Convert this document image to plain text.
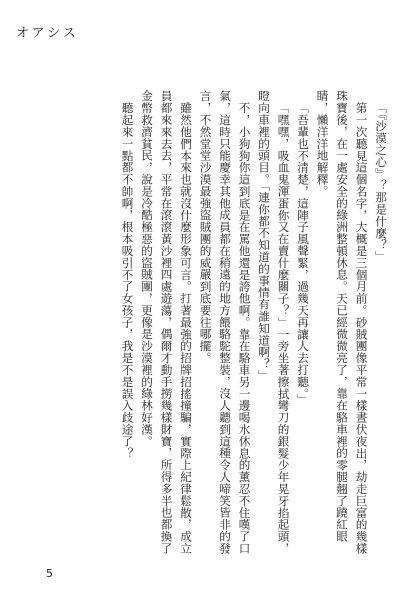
オアシス

「『沙漠之心』？那是什麼？」

第一次聽見這個名字，大概是三個月前。砂賊團像平常一樣晝伏夜出，劫走巨富的幾樣珠寶後，在一處安全的綠洲整頓休息。天已經微微亮了，靠在駱車裡的零腿翹了蹺紅眼睛，懶洋洋地解釋。

「吾輩也不清楚，這陣子風聲緊，過幾天再讓人去打聽。」

「嘿嘿，吸血鬼渾蛋你又在賣什麼關子？」一旁坐著擦拭彎刀的銀髮少年晃牙掐起頭，瞪向車裡的頭目。「連你都不知道的事情有誰知道啊？」

不，小狗狗你這到底是在罵他還是誇他啊。靠在駱車另一邊喝水休息的薰忍不住嘆了口氣，這時只能慶幸其他成員都在稍遠的地方餵駱駝整裝，沒人聽到這種令人啼笑皆非的發言，不然堂堂沙漠最強盜賊團的威嚴到底要往哪擺。

雖然他們本來也就沒什麼形象可言。打著最強的招牌招搖撞騙，實際上紀律鬆散，成立員都來來去去，平常在滾滾黃沙裡四處遊蕩，偶爾才動手撈幾樣財寶，所得多半也都換了金幣救濟貧民，說是冷酷極惡的盜賊團，更像是沙漠裡的綠林好漢。

聽起來一點都不帥啊，根本吸引不了女孩子，我是不是誤入歧途了？

5
